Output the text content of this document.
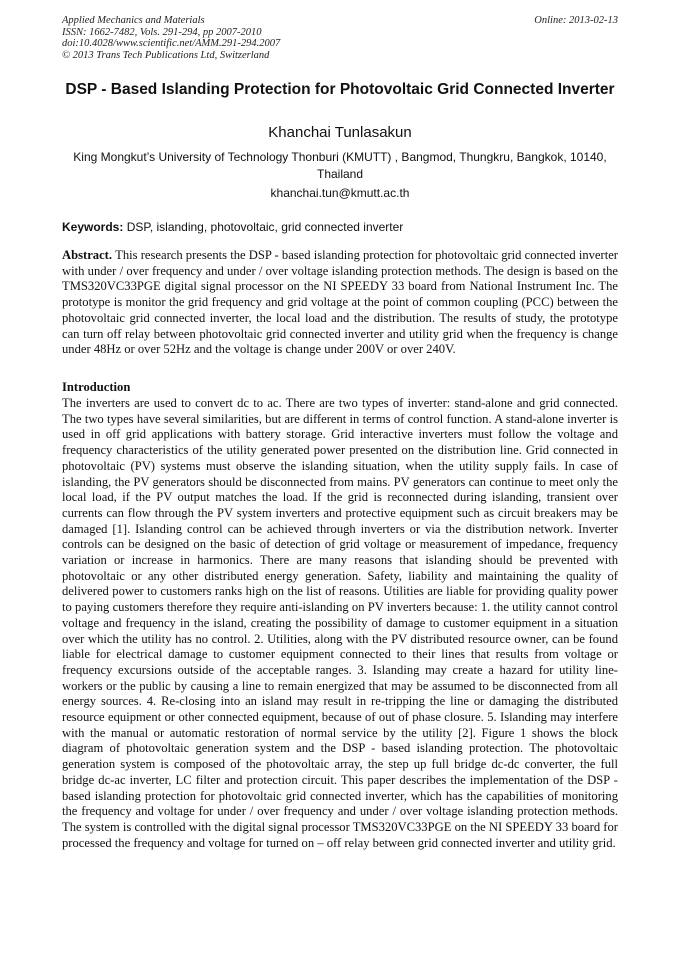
Applied Mechanics and Materials
ISSN: 1662-7482, Vols. 291-294, pp 2007-2010
doi:10.4028/www.scientific.net/AMM.291-294.2007
© 2013 Trans Tech Publications Ltd, Switzerland
Online: 2013-02-13
DSP - Based Islanding Protection for Photovoltaic Grid Connected Inverter
Khanchai Tunlasakun
King Mongkut’s University of Technology Thonburi (KMUTT) , Bangmod, Thungkru, Bangkok, 10140, Thailand
khanchai.tun@kmutt.ac.th
Keywords: DSP, islanding, photovoltaic, grid connected inverter
Abstract. This research presents the DSP - based islanding protection for photovoltaic grid connected inverter with under / over frequency and under / over voltage islanding protection methods. The design is based on the TMS320VC33PGE digital signal processor on the NI SPEEDY 33 board from National Instrument Inc. The prototype is monitor the grid frequency and grid voltage at the point of common coupling (PCC) between the photovoltaic grid connected inverter, the local load and the distribution. The results of study, the prototype can turn off relay between photovoltaic grid connected inverter and utility grid when the frequency is change under 48Hz or over 52Hz and the voltage is change under 200V or over 240V.
Introduction
The inverters are used to convert dc to ac. There are two types of inverter: stand-alone and grid connected. The two types have several similarities, but are different in terms of control function. A stand-alone inverter is used in off grid applications with battery storage. Grid interactive inverters must follow the voltage and frequency characteristics of the utility generated power presented on the distribution line. Grid connected in photovoltaic (PV) systems must observe the islanding situation, when the utility supply fails. In case of islanding, the PV generators should be disconnected from mains. PV generators can continue to meet only the local load, if the PV output matches the load. If the grid is reconnected during islanding, transient over currents can flow through the PV system inverters and protective equipment such as circuit breakers may be damaged [1]. Islanding control can be achieved through inverters or via the distribution network. Inverter controls can be designed on the basic of detection of grid voltage or measurement of impedance, frequency variation or increase in harmonics. There are many reasons that islanding should be prevented with photovoltaic or any other distributed energy generation. Safety, liability and maintaining the quality of delivered power to customers ranks high on the list of reasons. Utilities are liable for providing quality power to paying customers therefore they require anti-islanding on PV inverters because: 1. the utility cannot control voltage and frequency in the island, creating the possibility of damage to customer equipment in a situation over which the utility has no control. 2. Utilities, along with the PV distributed resource owner, can be found liable for electrical damage to customer equipment connected to their lines that results from voltage or frequency excursions outside of the acceptable ranges. 3. Islanding may create a hazard for utility line-workers or the public by causing a line to remain energized that may be assumed to be disconnected from all energy sources. 4. Re-closing into an island may result in re-tripping the line or damaging the distributed resource equipment or other connected equipment, because of out of phase closure. 5. Islanding may interfere with the manual or automatic restoration of normal service by the utility [2]. Figure 1 shows the block diagram of photovoltaic generation system and the DSP - based islanding protection. The photovoltaic generation system is composed of the photovoltaic array, the step up full bridge dc-dc converter, the full bridge dc-ac inverter, LC filter and protection circuit. This paper describes the implementation of the DSP - based islanding protection for photovoltaic grid connected inverter, which has the capabilities of monitoring the frequency and voltage for under / over frequency and under / over voltage islanding protection methods. The system is controlled with the digital signal processor TMS320VC33PGE on the NI SPEEDY 33 board for processed the frequency and voltage for turned on – off relay between grid connected inverter and utility grid.
